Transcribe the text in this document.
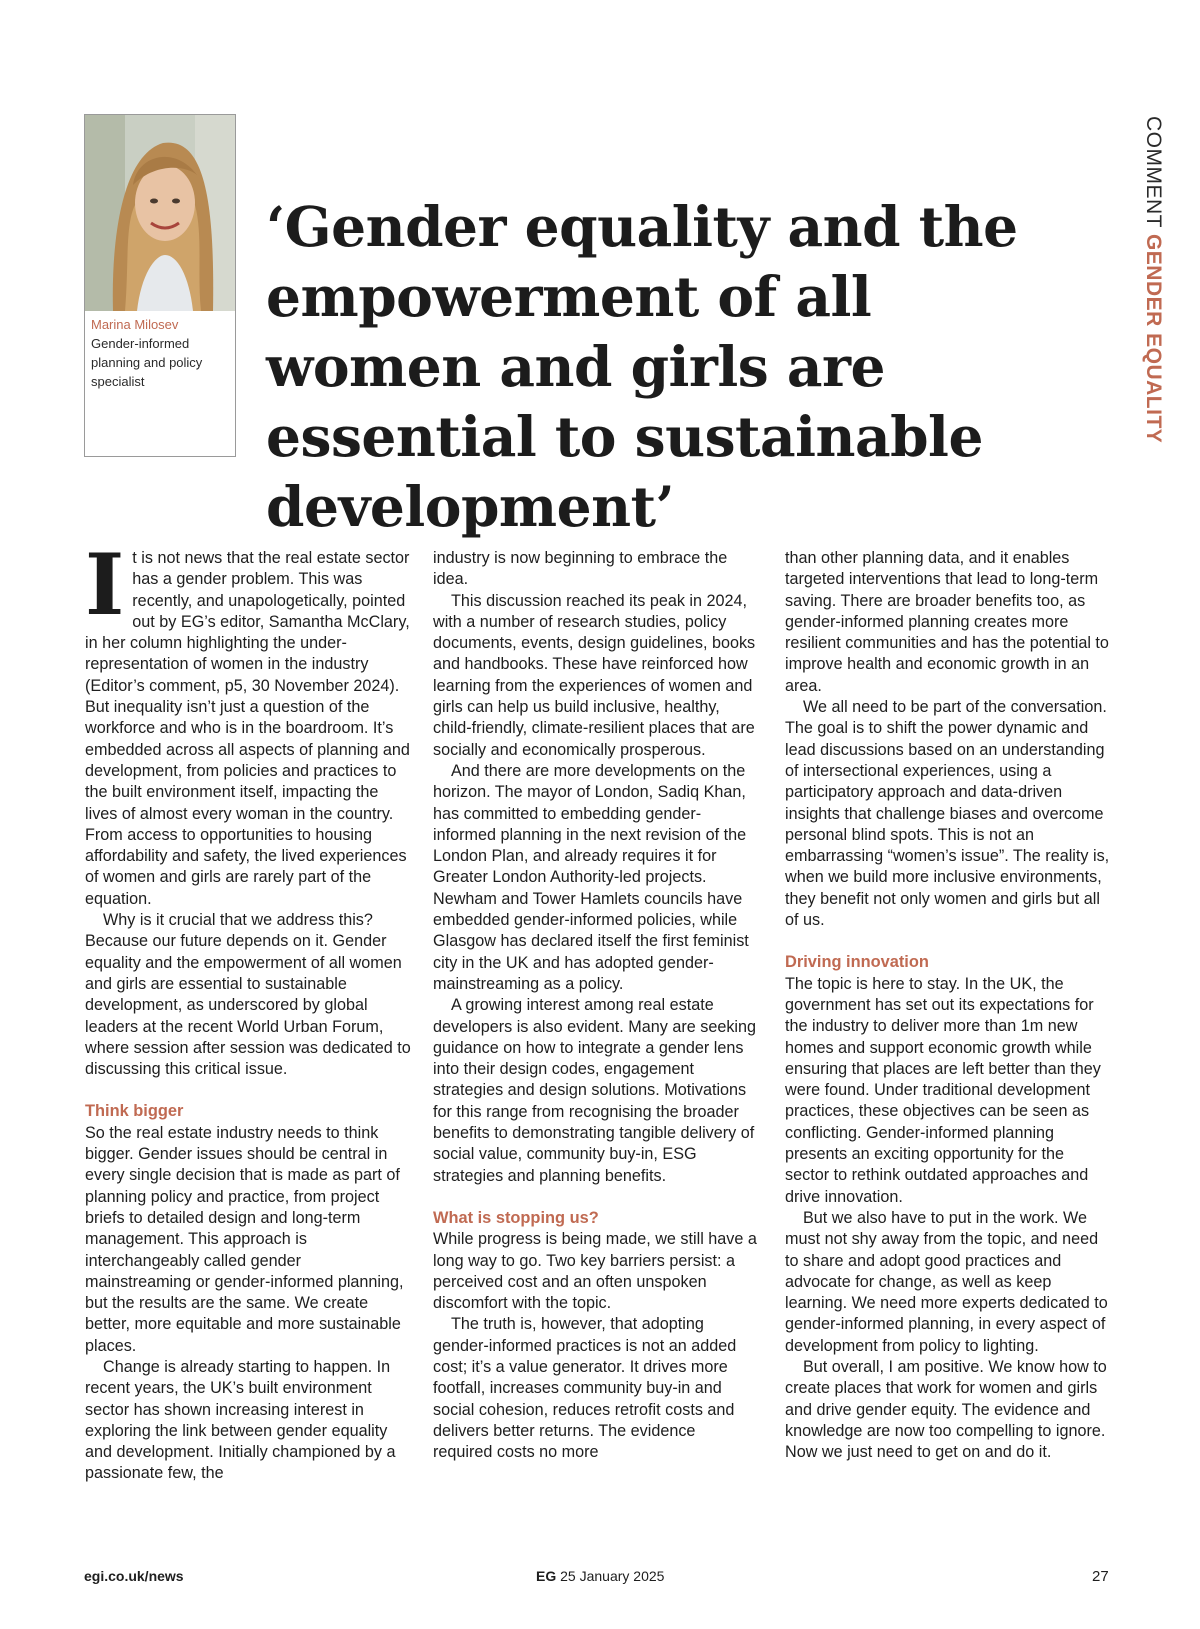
Marina Milosev
Gender-informed planning and policy specialist
‘Gender equality and the empowerment of all women and girls are essential to sustainable development’
COMMENT GENDER EQUALITY

It is not news that the real estate sector has a gender problem. This was recently, and unapologetically, pointed out by EG’s editor, Samantha McClary, in her column highlighting the under-representation of women in the industry (Editor’s comment, p5, 30 November 2024). But inequality isn’t just a question of the workforce and who is in the boardroom. It’s embedded across all aspects of planning and development, from policies and practices to the built environment itself, impacting the lives of almost every woman in the country. From access to opportunities to housing affordability and safety, the lived experiences of women and girls are rarely part of the equation.

Why is it crucial that we address this? Because our future depends on it. Gender equality and the empowerment of all women and girls are essential to sustainable development, as underscored by global leaders at the recent World Urban Forum, where session after session was dedicated to discussing this critical issue.

Think bigger

So the real estate industry needs to think bigger. Gender issues should be central in every single decision that is made as part of planning policy and practice, from project briefs to detailed design and long-term management. This approach is interchangeably called gender mainstreaming or gender-informed planning, but the results are the same. We create better, more equitable and more sustainable places.

Change is already starting to happen. In recent years, the UK’s built environment sector has shown increasing interest in exploring the link between gender equality and development. Initially championed by a passionate few, the

industry is now beginning to embrace the idea.

This discussion reached its peak in 2024, with a number of research studies, policy documents, events, design guidelines, books and handbooks. These have reinforced how learning from the experiences of women and girls can help us build inclusive, healthy, child-friendly, climate-resilient places that are socially and economically prosperous.

And there are more developments on the horizon. The mayor of London, Sadiq Khan, has committed to embedding gender-informed planning in the next revision of the London Plan, and already requires it for Greater London Authority-led projects. Newham and Tower Hamlets councils have embedded gender-informed policies, while Glasgow has declared itself the first feminist city in the UK and has adopted gender-mainstreaming as a policy.

A growing interest among real estate developers is also evident. Many are seeking guidance on how to integrate a gender lens into their design codes, engagement strategies and design solutions. Motivations for this range from recognising the broader benefits to demonstrating tangible delivery of social value, community buy-in, ESG strategies and planning benefits.

What is stopping us?

While progress is being made, we still have a long way to go. Two key barriers persist: a perceived cost and an often unspoken discomfort with the topic.

The truth is, however, that adopting gender-informed practices is not an added cost; it’s a value generator. It drives more footfall, increases community buy-in and social cohesion, reduces retrofit costs and delivers better returns. The evidence required costs no more

than other planning data, and it enables targeted interventions that lead to long-term saving. There are broader benefits too, as gender-informed planning creates more resilient communities and has the potential to improve health and economic growth in an area.

We all need to be part of the conversation. The goal is to shift the power dynamic and lead discussions based on an understanding of intersectional experiences, using a participatory approach and data-driven insights that challenge biases and overcome personal blind spots. This is not an embarrassing “women’s issue”. The reality is, when we build more inclusive environments, they benefit not only women and girls but all of us.

Driving innovation

The topic is here to stay. In the UK, the government has set out its expectations for the industry to deliver more than 1m new homes and support economic growth while ensuring that places are left better than they were found. Under traditional development practices, these objectives can be seen as conflicting. Gender-informed planning presents an exciting opportunity for the sector to rethink outdated approaches and drive innovation.

But we also have to put in the work. We must not shy away from the topic, and need to share and adopt good practices and advocate for change, as well as keep learning. We need more experts dedicated to gender-informed planning, in every aspect of development from policy to lighting.

But overall, I am positive. We know how to create places that work for women and girls and drive gender equity. The evidence and knowledge are now too compelling to ignore. Now we just need to get on and do it.

egi.co.uk/news	EG 25 January 2025	27
